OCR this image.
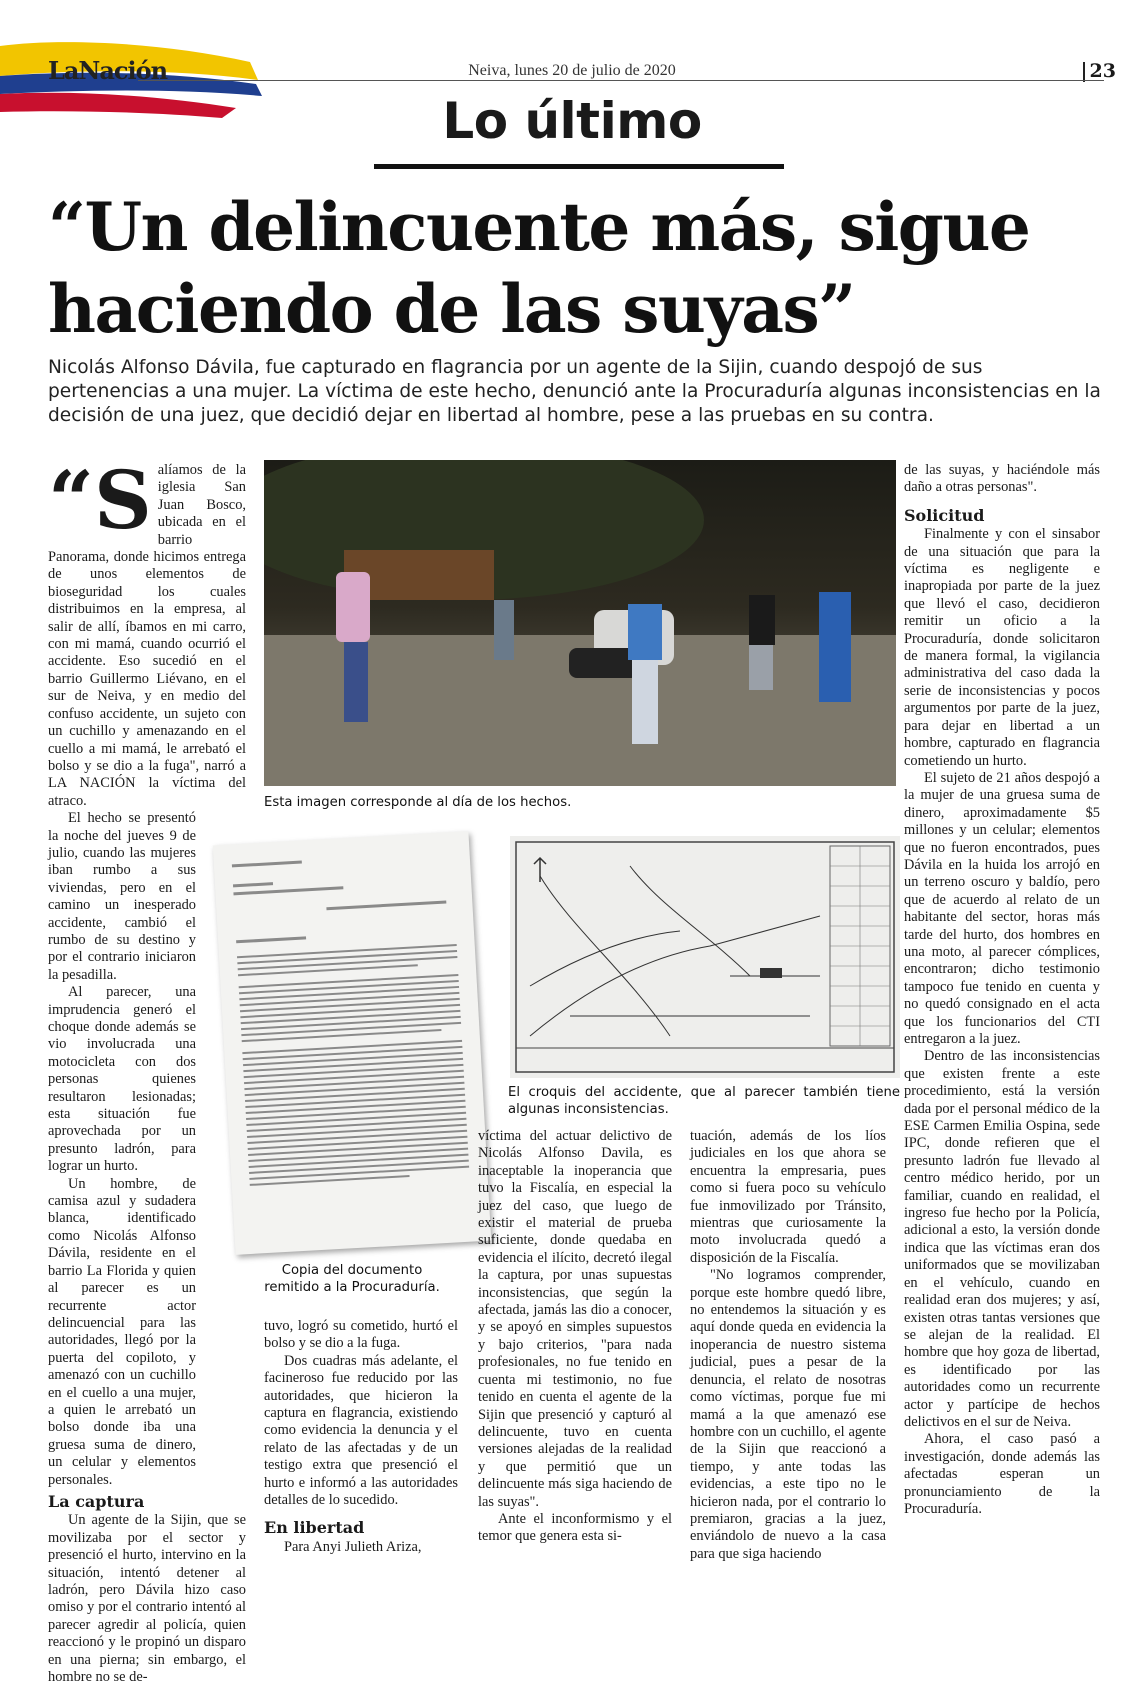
LaNación	Neiva, lunes 20 de julio de 2020	23
Lo último
“Un delincuente más, sigue
haciendo de las suyas”
Nicolás Alfonso Dávila, fue capturado en flagrancia por un agente de la Sijin, cuando despojó de sus pertenencias a una mujer. La víctima de este hecho, denunció ante la Procuraduría algunas inconsistencias en la decisión de una juez, que decidió dejar en libertad al hombre, pese a las pruebas en su contra.
“S alíamos de la iglesia San Juan Bosco, ubicada en el barrio Panorama, donde hicimos entrega de unos elementos de bioseguridad los cuales distribuimos en la empresa, al salir de allí, íbamos en mi carro, con mi mamá, cuando ocurrió el accidente. Eso sucedió en el barrio Guillermo Liévano, en el sur de Neiva, y en medio del confuso accidente, un sujeto con un cuchillo y amenazando en el cuello a mi mamá, le arrebató el bolso y se dio a la fuga", narró a LA NACIÓN la víctima del atraco.

El hecho se presentó la noche del jueves 9 de julio, cuando las mujeres iban rumbo a sus viviendas, pero en el camino un inesperado accidente, cambió el rumbo de su destino y por el contrario iniciaron la pesadilla.

Al parecer, una imprudencia generó el choque donde además se vio involucrada una motocicleta con dos personas quienes resultaron lesionadas; esta situación fue aprovechada por un presunto ladrón, para lograr un hurto.

Un hombre, de camisa azul y sudadera blanca, identificado como Nicolás Alfonso Dávila, residente en el barrio La Florida y quien al parecer es un recurrente actor delincuencial para las autoridades, llegó por la puerta del copiloto, y amenazó con un cuchillo en el cuello a una mujer, a quien le arrebató un bolso donde iba una gruesa suma de dinero, un celular y elementos personales.

La captura

Un agente de la Sijin, que se movilizaba por el sector y presenció el hurto, intervino en la situación, intentó detener al ladrón, pero Dávila hizo caso omiso y por el contrario intentó al parecer agredir al policía, quien reaccionó y le propinó un disparo en una pierna; sin embargo, el hombre no se de-

Esta imagen corresponde al día de los hechos.
Copia del documento remitido a la Procuraduría.
El croquis del accidente, que al parecer también tiene algunas inconsistencias.

tuvo, logró su cometido, hurtó el bolso y se dio a la fuga.

Dos cuadras más adelante, el facineroso fue reducido por las autoridades, que hicieron la captura en flagrancia, existiendo como evidencia la denuncia y el relato de las afectadas y de un testigo extra que presenció el hurto e informó a las autoridades detalles de lo sucedido.

En libertad

Para Anyi Julieth Ariza,

víctima del actuar delictivo de Nicolás Alfonso Davila, es inaceptable la inoperancia que tuvo la Fiscalía, en especial la juez del caso, que luego de existir el material de prueba suficiente, donde quedaba en evidencia el ilícito, decretó ilegal la captura, por unas supuestas inconsistencias, que según la afectada, jamás las dio a conocer, y se apoyó en simples supuestos y bajo criterios, "para nada profesionales, no fue tenido en cuenta mi testimonio, no fue tenido en cuenta el agente de la Sijin que presenció y capturó al delincuente, tuvo en cuenta versiones alejadas de la realidad y que permitió que un delincuente más siga haciendo de las suyas".

Ante el inconformismo y el temor que genera esta si-

tuación, además de los líos judiciales en los que ahora se encuentra la empresaria, pues como si fuera poco su vehículo fue inmovilizado por Tránsito, mientras que curiosamente la moto involucrada quedó a disposición de la Fiscalía.

"No logramos comprender, porque este hombre quedó libre, no entendemos la situación y es aquí donde queda en evidencia la inoperancia de nuestro sistema judicial, pues a pesar de la denuncia, el relato de nosotras como víctimas, porque fue mi mamá a la que amenazó ese hombre con un cuchillo, el agente de la Sijin que reaccionó a tiempo, y ante todas las evidencias, a este tipo no le hicieron nada, por el contrario lo premiaron, gracias a la juez, enviándolo de nuevo a la casa para que siga haciendo

de las suyas, y haciéndole más daño a otras personas".

Solicitud

Finalmente y con el sinsabor de una situación que para la víctima es negligente e inapropiada por parte de la juez que llevó el caso, decidieron remitir un oficio a la Procuraduría, donde solicitaron de manera formal, la vigilancia administrativa del caso dada la serie de inconsistencias y pocos argumentos por parte de la juez, para dejar en libertad a un hombre, capturado en flagrancia cometiendo un hurto.

El sujeto de 21 años despojó a la mujer de una gruesa suma de dinero, aproximadamente $5 millones y un celular; elementos que no fueron encontrados, pues Dávila en la huida los arrojó en un terreno oscuro y baldío, pero que de acuerdo al relato de un habitante del sector, horas más tarde del hurto, dos hombres en una moto, al parecer cómplices, encontraron; dicho testimonio tampoco fue tenido en cuenta y no quedó consignado en el acta que los funcionarios del CTI entregaron a la juez.

Dentro de las inconsistencias que existen frente a este procedimiento, está la versión dada por el personal médico de la ESE Carmen Emilia Ospina, sede IPC, donde refieren que el presunto ladrón fue llevado al centro médico herido, por un familiar, cuando en realidad, el ingreso fue hecho por la Policía, adicional a esto, la versión donde indica que las víctimas eran dos uniformados que se movilizaban en el vehículo, cuando en realidad eran dos mujeres; y así, existen otras tantas versiones que se alejan de la realidad. El hombre que hoy goza de libertad, es identificado por las autoridades como un recurrente actor y partícipe de hechos delictivos en el sur de Neiva.

Ahora, el caso pasó a investigación, donde además las afectadas esperan un pronunciamiento de la Procuraduría.
